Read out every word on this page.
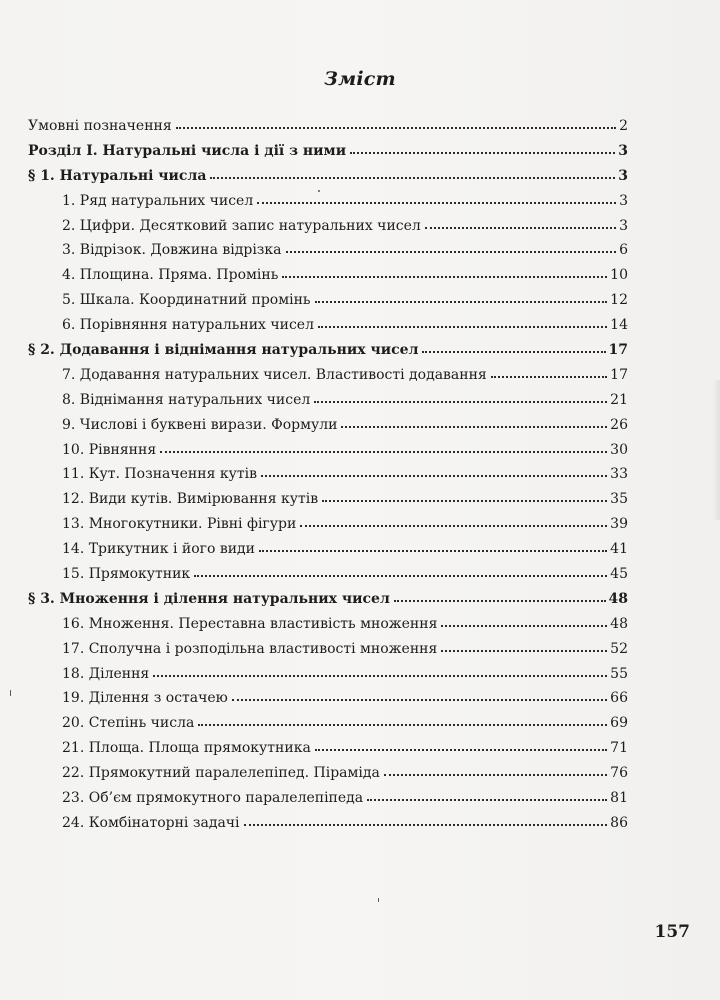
Зміст
Умовні позначення	2
Розділ I. Натуральні числа і дії з ними	3
§ 1. Натуральні числа	3
1. Ряд натуральних чисел	3
2. Цифри. Десятковий запис натуральних чисел	3
3. Відрізок. Довжина відрізка	6
4. Площина. Пряма. Промінь	10
5. Шкала. Координатний промінь	12
6. Порівняння натуральних чисел	14
§ 2. Додавання і віднімання натуральних чисел	17
7. Додавання натуральних чисел. Властивості додавання	17
8. Віднімання натуральних чисел	21
9. Числові і буквені вирази. Формули	26
10. Рівняння	30
11. Кут. Позначення кутів	33
12. Види кутів. Вимірювання кутів	35
13. Многокутники. Рівні фігури	39
14. Трикутник і його види	41
15. Прямокутник	45
§ 3. Множення і ділення натуральних чисел	48
16. Множення. Переставна властивість множення	48
17. Сполучна і розподільна властивості множення	52
18. Ділення	55
19. Ділення з остачею	66
20. Степінь числа	69
21. Площа. Площа прямокутника	71
22. Прямокутний паралелепіпед. Піраміда	76
23. Об’єм прямокутного паралелепіпеда	81
24. Комбінаторні задачі	86
157
